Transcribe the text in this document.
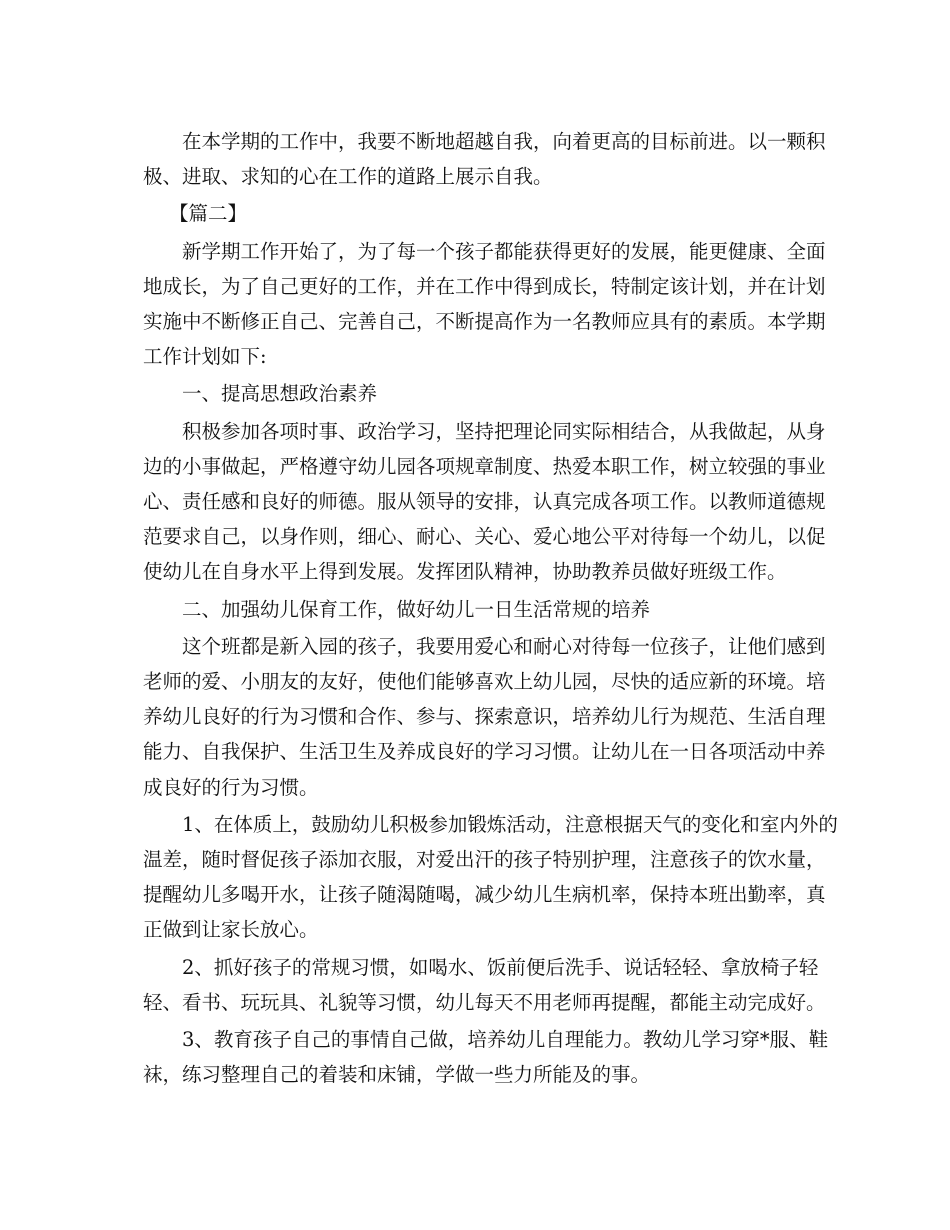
在本学期的工作中，我要不断地超越自我，向着更高的目标前进。以一颗积
极、进取、求知的心在工作的道路上展示自我。
【篇二】
新学期工作开始了，为了每一个孩子都能获得更好的发展，能更健康、全面
地成长，为了自己更好的工作，并在工作中得到成长，特制定该计划，并在计划
实施中不断修正自己、完善自己，不断提高作为一名教师应具有的素质。本学期
工作计划如下:
一、提高思想政治素养
积极参加各项时事、政治学习，坚持把理论同实际相结合，从我做起，从身
边的小事做起，严格遵守幼儿园各项规章制度、热爱本职工作，树立较强的事业
心、责任感和良好的师德。服从领导的安排，认真完成各项工作。以教师道德规
范要求自己，以身作则，细心、耐心、关心、爱心地公平对待每一个幼儿，以促
使幼儿在自身水平上得到发展。发挥团队精神，协助教养员做好班级工作。
二、加强幼儿保育工作，做好幼儿一日生活常规的培养
这个班都是新入园的孩子，我要用爱心和耐心对待每一位孩子，让他们感到
老师的爱、小朋友的友好，使他们能够喜欢上幼儿园，尽快的适应新的环境。培
养幼儿良好的行为习惯和合作、参与、探索意识，培养幼儿行为规范、生活自理
能力、自我保护、生活卫生及养成良好的学习习惯。让幼儿在一日各项活动中养
成良好的行为习惯。
1、在体质上，鼓励幼儿积极参加锻炼活动，注意根据天气的变化和室内外的
温差，随时督促孩子添加衣服，对爱出汗的孩子特别护理，注意孩子的饮水量，
提醒幼儿多喝开水，让孩子随渴随喝，减少幼儿生病机率，保持本班出勤率，真
正做到让家长放心。
2、抓好孩子的常规习惯，如喝水、饭前便后洗手、说话轻轻、拿放椅子轻
轻、看书、玩玩具、礼貌等习惯，幼儿每天不用老师再提醒，都能主动完成好。
3、教育孩子自己的事情自己做，培养幼儿自理能力。教幼儿学习穿*服、鞋
袜，练习整理自己的着装和床铺，学做一些力所能及的事。
